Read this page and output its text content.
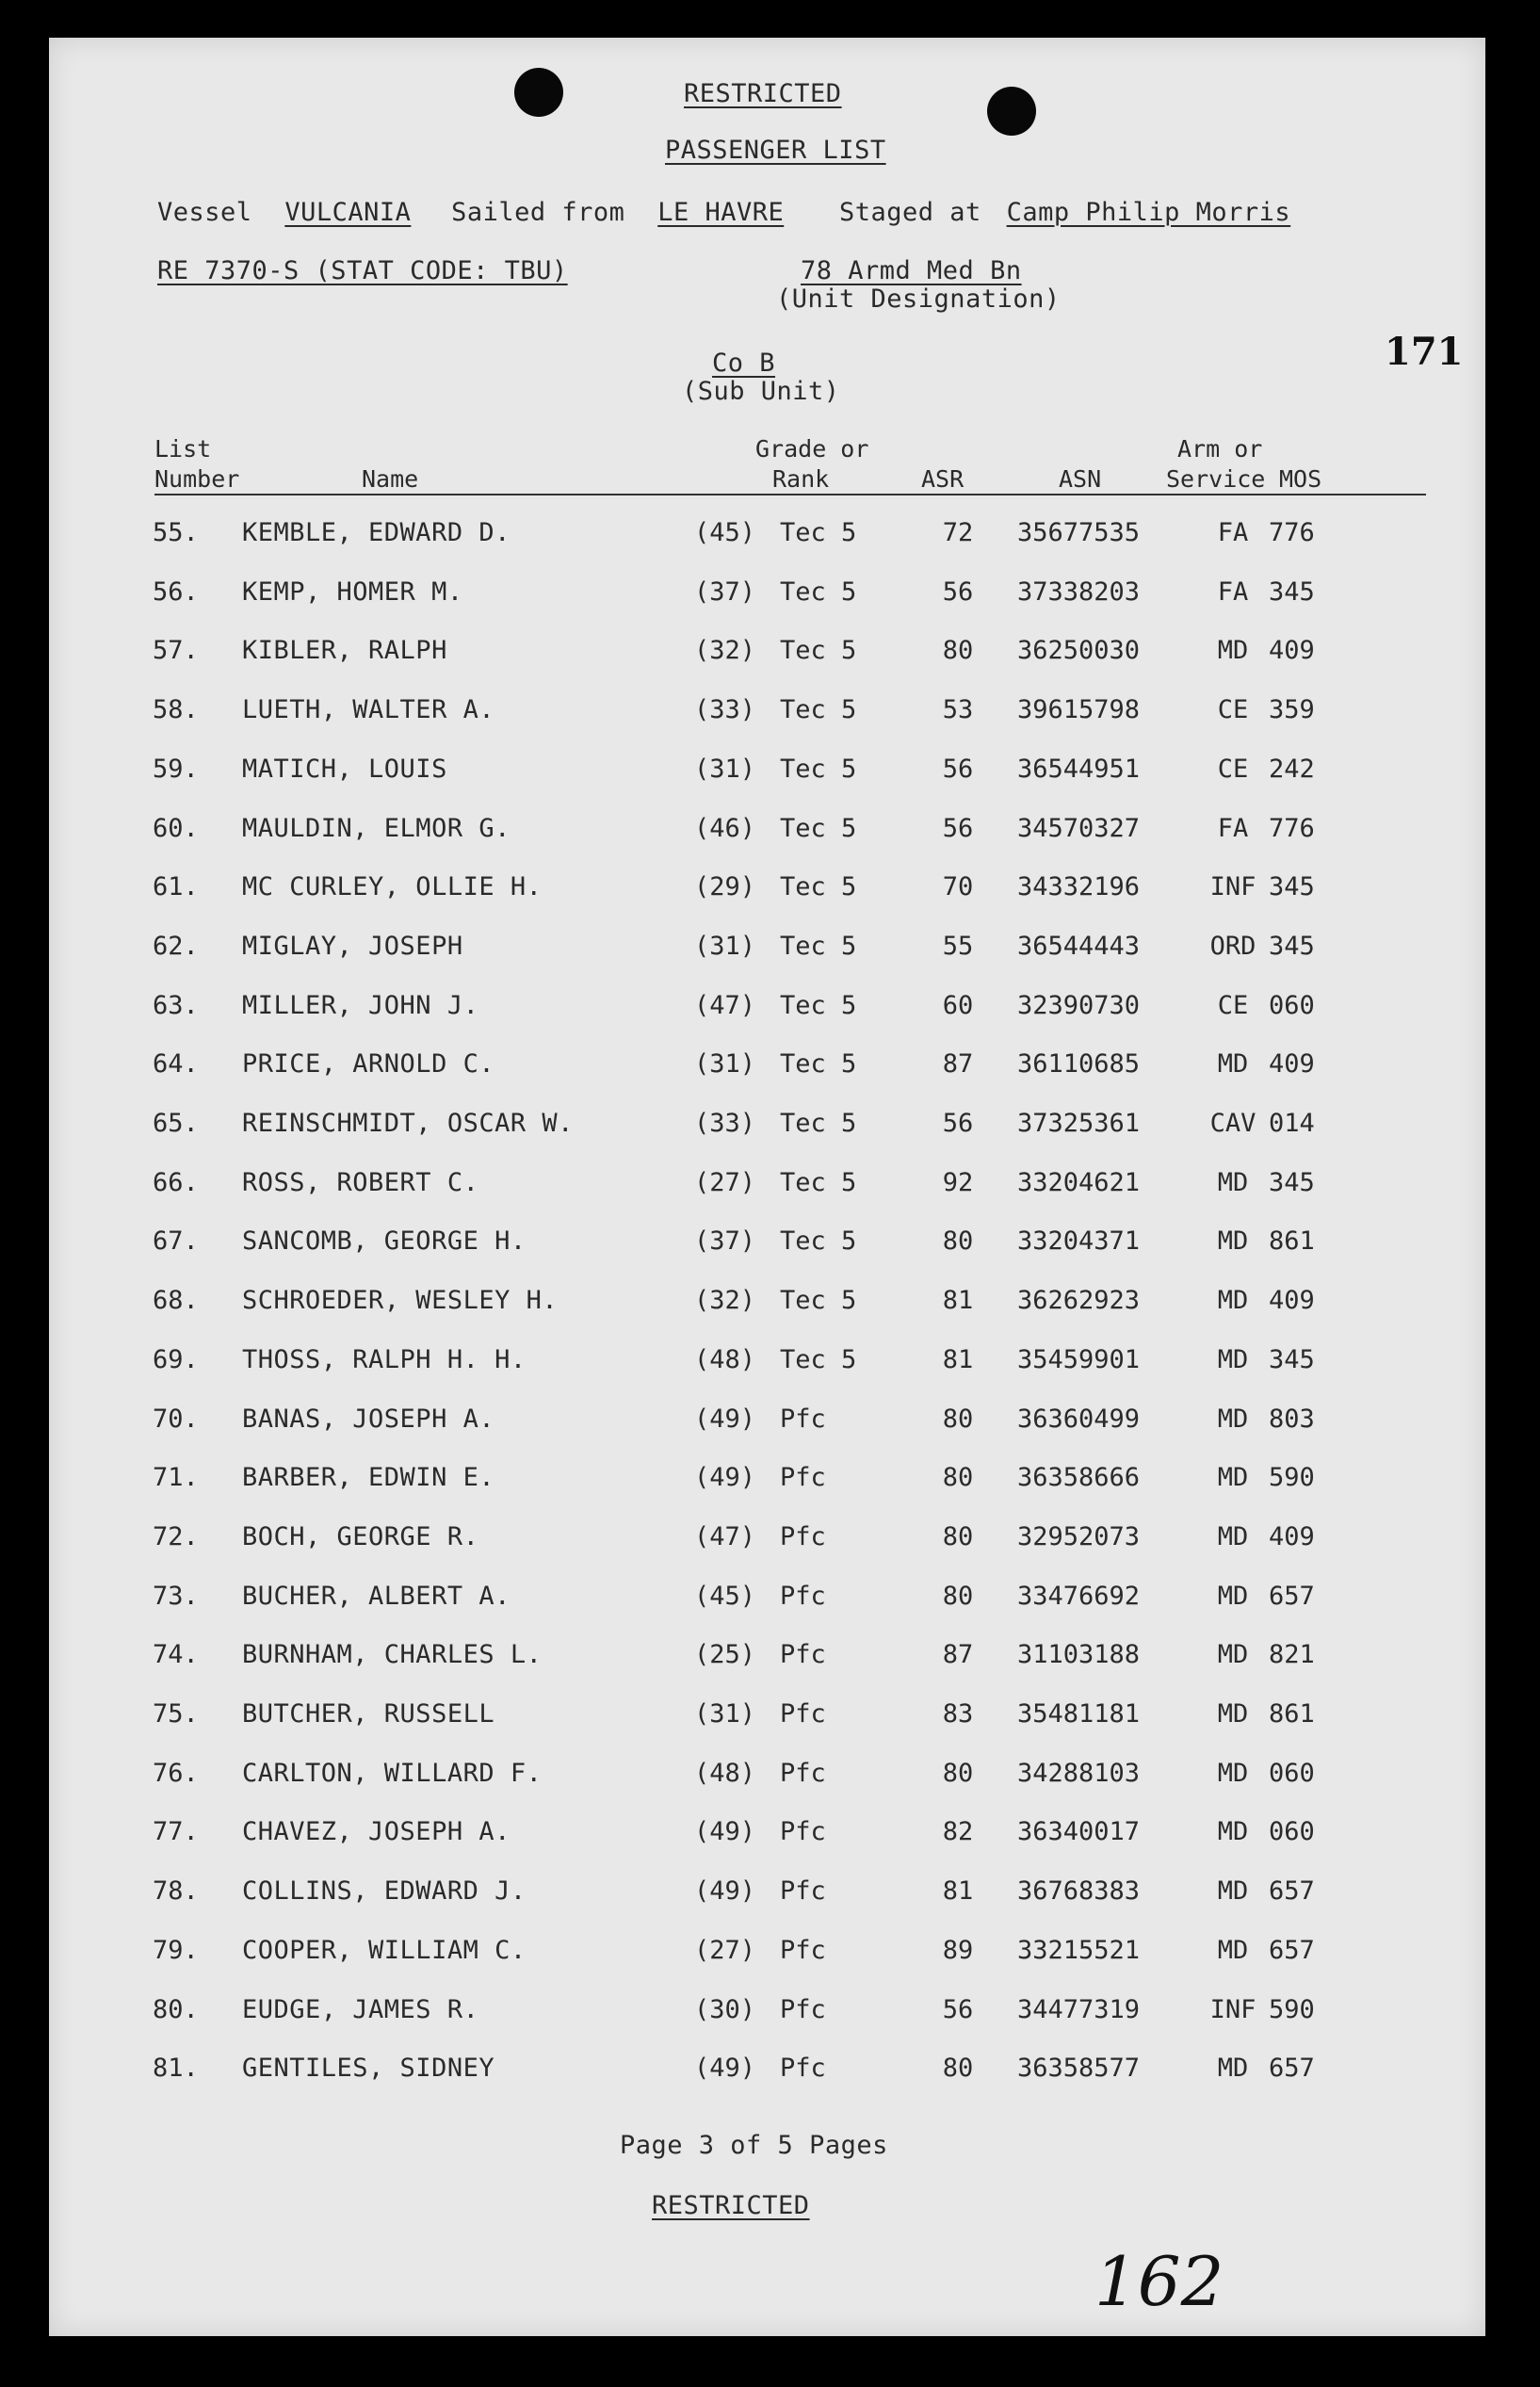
RESTRICTED
PASSENGER LIST
Vessel VULCANIA Sailed from LE HAVRE Staged at Camp Philip Morris
RE 7370-S (STAT CODE: TBU)	78 Armd Med Bn
(Unit Designation)
Co B
(Sub Unit)
171
List
Number	Name
Grade or
Rank	ASR	ASN
Arm or
Service MOS
55. KEMBLE, EDWARD D.	(45) Tec 5	72	35677535	FA 776
56. KEMP, HOMER M.	(37) Tec 5	56	37338203	FA 345
57. KIBLER, RALPH	(32) Tec 5	80	36250030	MD 409
58. LUETH, WALTER A.	(33) Tec 5	53	39615798	CE 359
59. MATICH, LOUIS	(31) Tec 5	56	36544951	CE 242
60. MAULDIN, ELMOR G.	(46) Tec 5	56	34570327	FA 776
61. MC CURLEY, OLLIE H.	(29) Tec 5	70	34332196	INF 345
62. MIGLAY, JOSEPH	(31) Tec 5	55	36544443	ORD 345
63. MILLER, JOHN J.	(47) Tec 5	60	32390730	CE 060
64. PRICE, ARNOLD C.	(31) Tec 5	87	36110685	MD 409
65. REINSCHMIDT, OSCAR W.	(33) Tec 5	56	37325361	CAV 014
66. ROSS, ROBERT C.	(27) Tec 5	92	33204621	MD 345
67. SANCOMB, GEORGE H.	(37) Tec 5	80	33204371	MD 861
68. SCHROEDER, WESLEY H.	(32) Tec 5	81	36262923	MD 409
69. THOSS, RALPH H. H.	(48) Tec 5	81	35459901	MD 345
70. BANAS, JOSEPH A.	(49) Pfc	80	36360499	MD 803
71. BARBER, EDWIN E.	(49) Pfc	80	36358666	MD 590
72. BOCH, GEORGE R.	(47) Pfc	80	32952073	MD 409
73. BUCHER, ALBERT A.	(45) Pfc	80	33476692	MD 657
74. BURNHAM, CHARLES L.	(25) Pfc	87	31103188	MD 821
75. BUTCHER, RUSSELL	(31) Pfc	83	35481181	MD 861
76. CARLTON, WILLARD F.	(48) Pfc	80	34288103	MD 060
77. CHAVEZ, JOSEPH A.	(49) Pfc	82	36340017	MD 060
78. COLLINS, EDWARD J.	(49) Pfc	81	36768383	MD 657
79. COOPER, WILLIAM C.	(27) Pfc	89	33215521	MD 657
80. EUDGE, JAMES R.	(30) Pfc	56	34477319	INF 590
81. GENTILES, SIDNEY	(49) Pfc	80	36358577	MD 657
Page 3 of 5 Pages
RESTRICTED
162
